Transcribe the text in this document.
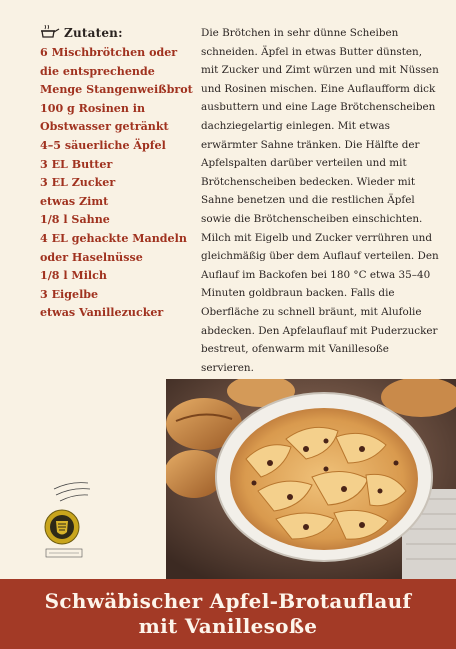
Zutaten:
6 Mischbrötchen oder
die entsprechende
Menge Stangenweißbrot
100 g Rosinen in
Obstwasser getränkt
4–5 säuerliche Äpfel
3 EL Butter
3 EL Zucker
etwas Zimt
1/8 l Sahne
4 EL gehackte Mandeln
oder Haselnüsse
1/8 l Milch
3 Eigelbe
etwas Vanillezucker

Die Brötchen in sehr dünne Scheiben schneiden. Äpfel in etwas Butter dünsten, mit Zucker und Zimt würzen und mit Nüssen und Rosinen mischen. Eine Auflaufform dick ausbuttern und eine Lage Brötchenscheiben dachziegelartig einlegen. Mit etwas erwärmter Sahne tränken. Die Hälfte der Apfelspalten darüber verteilen und mit Brötchenscheiben bedecken. Wieder mit Sahne benetzen und die restlichen Äpfel sowie die Brötchenscheiben einschichten. Milch mit Eigelb und Zucker verrühren und gleichmäßig über dem Auflauf verteilen. Den Auflauf im Backofen bei 180 °C etwa 35–40 Minuten goldbraun backen. Falls die Oberfläche zu schnell bräunt, mit Alufolie abdecken. Den Apfelauflauf mit Puderzucker bestreut, ofenwarm mit Vanillesoße servieren.

Schwäbischer Apfel-Brotauflauf
mit Vanillesoße
